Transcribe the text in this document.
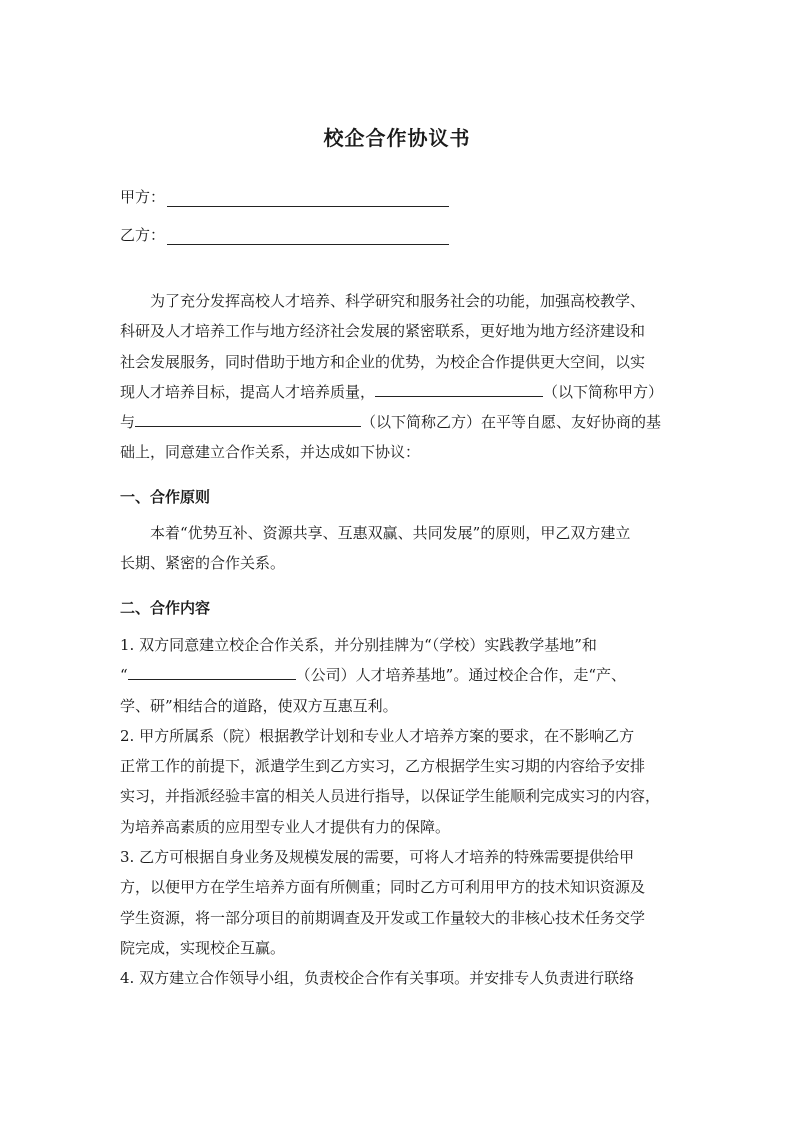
校企合作协议书
甲方：
乙方：
为了充分发挥高校人才培养、科学研究和服务社会的功能，加强高校教学、
科研及人才培养工作与地方经济社会发展的紧密联系，更好地为地方经济建设和
社会发展服务，同时借助于地方和企业的优势，为校企合作提供更大空间，以实
现人才培养目标，提高人才培养质量，	（以下简称甲方）
与	（以下简称乙方）在平等自愿、友好协商的基
础上，同意建立合作关系，并达成如下协议：
一、合作原则
本着“优势互补、资源共享、互惠双赢、共同发展”的原则，甲乙双方建立
长期、紧密的合作关系。
二、合作内容
1. 双方同意建立校企合作关系，并分别挂牌为“（学校）实践教学基地”和
“	（公司）人才培养基地”。通过校企合作，走“产、
学、研”相结合的道路，使双方互惠互利。
2. 甲方所属系（院）根据教学计划和专业人才培养方案的要求，在不影响乙方
正常工作的前提下，派遣学生到乙方实习，乙方根据学生实习期的内容给予安排
实习，并指派经验丰富的相关人员进行指导，以保证学生能顺利完成实习的内容，
为培养高素质的应用型专业人才提供有力的保障。
3. 乙方可根据自身业务及规模发展的需要，可将人才培养的特殊需要提供给甲
方，以便甲方在学生培养方面有所侧重；同时乙方可利用甲方的技术知识资源及
学生资源，将一部分项目的前期调查及开发或工作量较大的非核心技术任务交学
院完成，实现校企互赢。
4. 双方建立合作领导小组，负责校企合作有关事项。并安排专人负责进行联络
